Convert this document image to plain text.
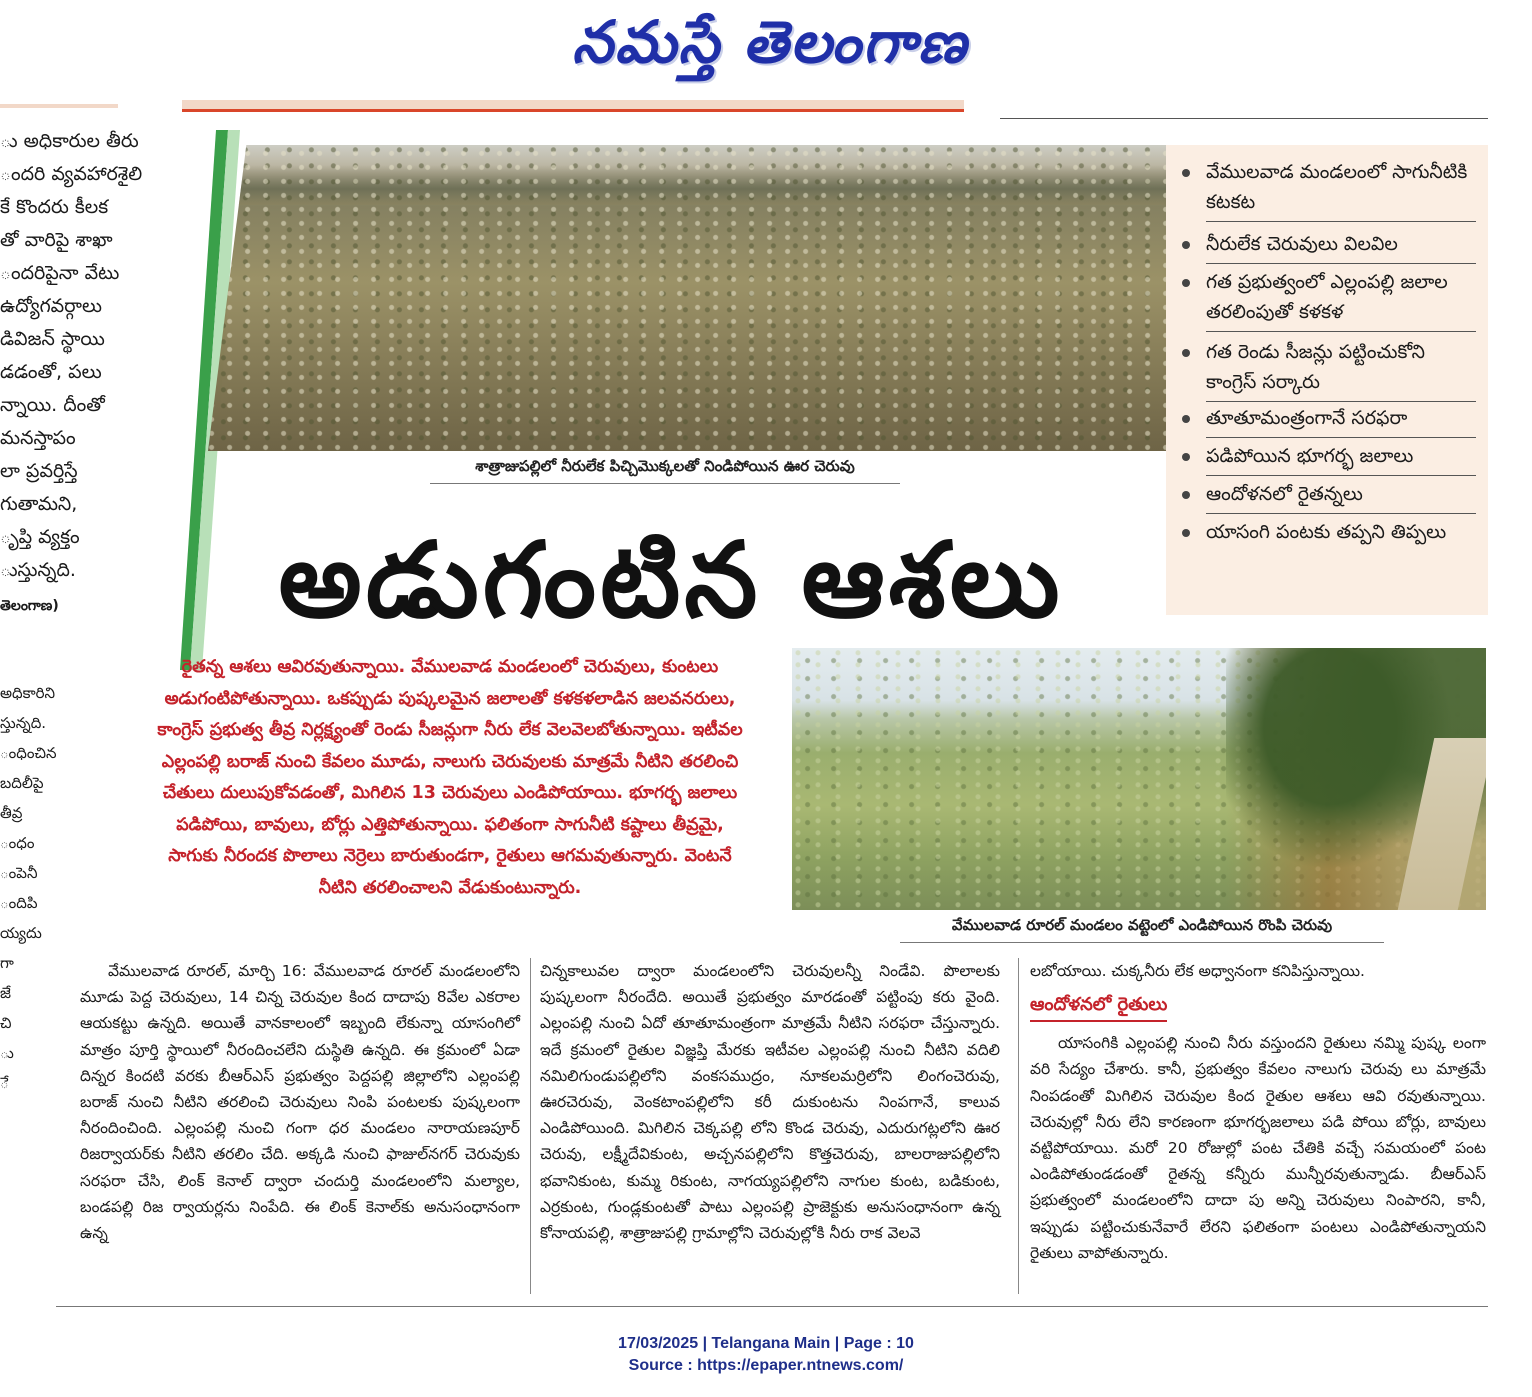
నమస్తే తెలంగాణ
ు అధికారుల తీరు
ందరి వ్యవహారశైలి
కే కొందరు కీలక
తో వారిపై శాఖా
ందరిపైనా వేటు
ఉద్యోగవర్గాలు
డివిజన్ స్థాయి
డడంతో, పలు
న్నాయి. దీంతో
మనస్తాపం
లా ప్రవర్తిస్తే
గుతామని,
ృప్తి వ్యక్తం
ుస్తున్నది.
తెలంగాణ)
అధికారిని
స్తున్నది.
ంధించిన
బదిలీపై
తీవ్ర
ంధం
ంపెనీ
ందిపి
య్యదు
గా
జే
చి
ు
ే
శాత్రాజుపల్లిలో నీరులేక పిచ్చిమొక్కలతో నిండిపోయిన ఊర చెరువు
వేములవాడ మండలంలో సాగునీటికి కటకట
నీరులేక చెరువులు విలవిల
గత ప్రభుత్వంలో ఎల్లంపల్లి జలాల తరలింపుతో కళకళ
గత రెండు సీజన్లు పట్టించుకోని కాంగ్రెస్ సర్కారు
తూతూమంత్రంగానే సరఫరా
పడిపోయిన భూగర్భ జలాలు
ఆందోళనలో రైతన్నలు
యాసంగి పంటకు తప్పని తిప్పలు
అడుగంటిన ఆశలు
రైతన్న ఆశలు ఆవిరవుతున్నాయి. వేములవాడ మండలంలో చెరువులు, కుంటలు అడుగంటిపోతున్నాయి. ఒకప్పుడు పుష్కలమైన జలాలతో కళకళలాడిన జలవనరులు, కాంగ్రెస్ ప్రభుత్వ తీవ్ర నిర్లక్ష్యంతో రెండు సీజన్లుగా నీరు లేక వెలవెలబోతున్నాయి. ఇటీవల ఎల్లంపల్లి బరాజ్ నుంచి కేవలం మూడు, నాలుగు చెరువులకు మాత్రమే నీటిని తరలించి చేతులు దులుపుకోవడంతో, మిగిలిన 13 చెరువులు ఎండిపోయాయి. భూగర్భ జలాలు పడిపోయి, బావులు, బోర్లు ఎత్తిపోతున్నాయి. ఫలితంగా సాగునీటి కష్టాలు తీవ్రమై, సాగుకు నీరందక పొలాలు నెర్రెలు బారుతుండగా, రైతులు ఆగమవుతున్నారు. వెంటనే నీటిని తరలించాలని వేడుకుంటున్నారు.
వేములవాడ రూరల్ మండలం వట్టెంలో ఎండిపోయిన రొంపి చెరువు

వేములవాడ రూరల్, మార్చి 16: వేములవాడ రూరల్ మండలంలోని మూడు పెద్ద చెరువులు, 14 చిన్న చెరువుల కింద దాదాపు 8వేల ఎకరాల ఆయకట్టు ఉన్నది. అయితే వానకాలంలో ఇబ్బంది లేకున్నా యాసంగిలో మాత్రం పూర్తి స్థాయిలో నీరందించలేని దుస్థితి ఉన్నది. ఈ క్రమంలో ఏడా దిన్నర కిందటి వరకు బీఆర్ఎస్ ప్రభుత్వం పెద్దపల్లి జిల్లాలోని ఎల్లంపల్లి బరాజ్ నుంచి నీటిని తరలించి చెరువులు నింపి పంటలకు పుష్కలంగా నీరందించింది. ఎల్లంపల్లి నుంచి గంగా ధర మండలం నారాయణపూర్ రిజర్వాయర్‌కు నీటిని తరలిం చేది. అక్కడి నుంచి ఫాజుల్‌నగర్ చెరువుకు సరఫరా చేసి, లింక్ కెనాల్ ద్వారా చందుర్తి మండలంలోని మల్యాల, బండపల్లి రిజ ర్వాయర్లను నింపేది. ఈ లింక్ కెనాల్‌కు అనుసంధానంగా ఉన్న

చిన్నకాలువల ద్వారా మండలంలోని చెరువులన్నీ నిండేవి. పొలాలకు పుష్కలంగా నీరందేది. అయితే ప్రభుత్వం మారడంతో పట్టింపు కరు వైంది. ఎల్లంపల్లి నుంచి ఏదో తూతూమంత్రంగా మాత్రమే నీటిని సరఫరా చేస్తున్నారు. ఇదే క్రమంలో రైతుల విజ్ఞప్తి మేరకు ఇటీవల ఎల్లంపల్లి నుంచి నీటిని వదిలి నమిలిగుండుపల్లిలోని వంకసముద్రం, నూకలమర్రిలోని లింగంచెరువు, ఊరచెరువు, వెంకటాంపల్లిలోని కరీ దుకుంటను నింపగానే, కాలువ ఎండిపోయింది. మిగిలిన చెక్కపల్లి లోని కొండ చెరువు, ఎదురుగట్లలోని ఊర చెరువు, లక్ష్మీదేవికుంట, అచ్చనపల్లిలోని కొత్తచెరువు, బాలరాజుపల్లిలోని భవానికుంట, కుమ్మ రికుంట, నాగయ్యపల్లిలోని నాగుల కుంట, బడికుంట, ఎర్రకుంట, గుండ్లకుంటతో పాటు ఎల్లంపల్లి ప్రాజెక్టుకు అనుసంధానంగా ఉన్న కోనాయపల్లి, శాత్రాజుపల్లి గ్రామాల్లోని చెరువుల్లోకి నీరు రాక వెలవె

లబోయాయి. చుక్కనీరు లేక అధ్వానంగా కనిపిస్తున్నాయి.

ఆందోళనలో రైతులు

యాసంగికి ఎల్లంపల్లి నుంచి నీరు వస్తుందని రైతులు నమ్మి పుష్క లంగా వరి సేద్యం చేశారు. కానీ, ప్రభుత్వం కేవలం నాలుగు చెరువు లు మాత్రమే నింపడంతో మిగిలిన చెరువుల కింద రైతుల ఆశలు ఆవి రవుతున్నాయి. చెరువుల్లో నీరు లేని కారణంగా భూగర్భజలాలు పడి పోయి బోర్లు, బావులు వట్టిపోయాయి. మరో 20 రోజుల్లో పంట చేతికి వచ్చే సమయంలో పంట ఎండిపోతుండడంతో రైతన్న కన్నీరు మున్నీరవుతున్నాడు. బీఆర్ఎస్ ప్రభుత్వంలో మండలంలోని దాదా పు అన్ని చెరువులు నింపారని, కానీ, ఇప్పుడు పట్టించుకునేవారే లేరని ఫలితంగా పంటలు ఎండిపోతున్నాయని రైతులు వాపోతున్నారు.

17/03/2025 | Telangana Main | Page : 10
Source : https://epaper.ntnews.com/
